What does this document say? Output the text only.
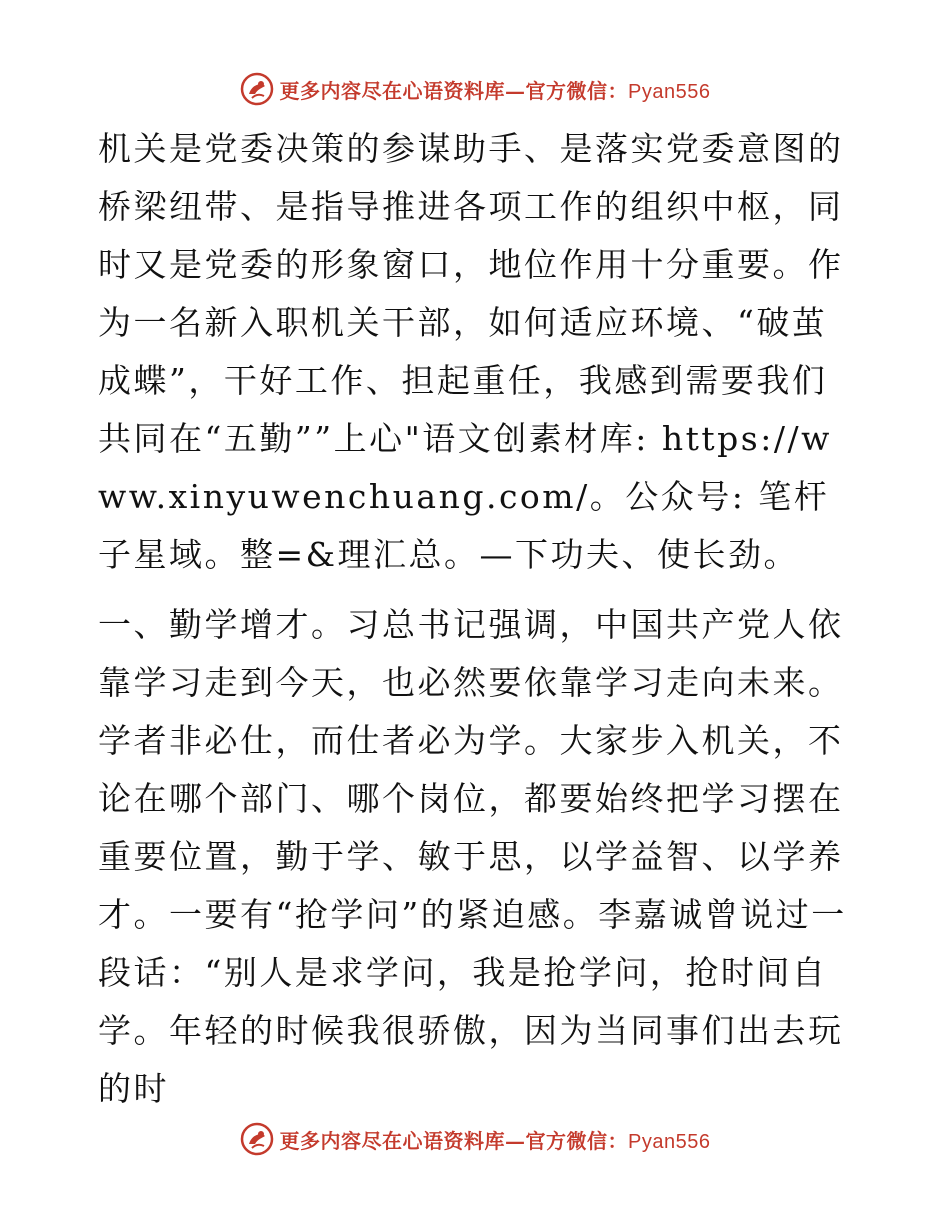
更多内容尽在心语资料库—官方微信：Pyan556

机关是党委决策的参谋助手、是落实党委意图的桥梁纽带、是指导推进各项工作的组织中枢，同时又是党委的形象窗口，地位作用十分重要。作为一名新入职机关干部，如何适应环境、“破茧成蝶”，干好工作、担起重任，我感到需要我们共同在“五勤””上心"语文创素材库: https://www.xinyuwenchuang.com/。公众号: 笔杆子星域。整=&理汇总。—下功夫、使长劲。

一、勤学增才。习总书记强调，中国共产党人依靠学习走到今天，也必然要依靠学习走向未来。学者非必仕，而仕者必为学。大家步入机关，不论在哪个部门、哪个岗位，都要始终把学习摆在重要位置，勤于学、敏于思，以学益智、以学养才。一要有“抢学问”的紧迫感。李嘉诚曾说过一段话：“别人是求学问，我是抢学问，抢时间自学。年轻的时候我很骄傲，因为当同事们出去玩的时

更多内容尽在心语资料库—官方微信：Pyan556
